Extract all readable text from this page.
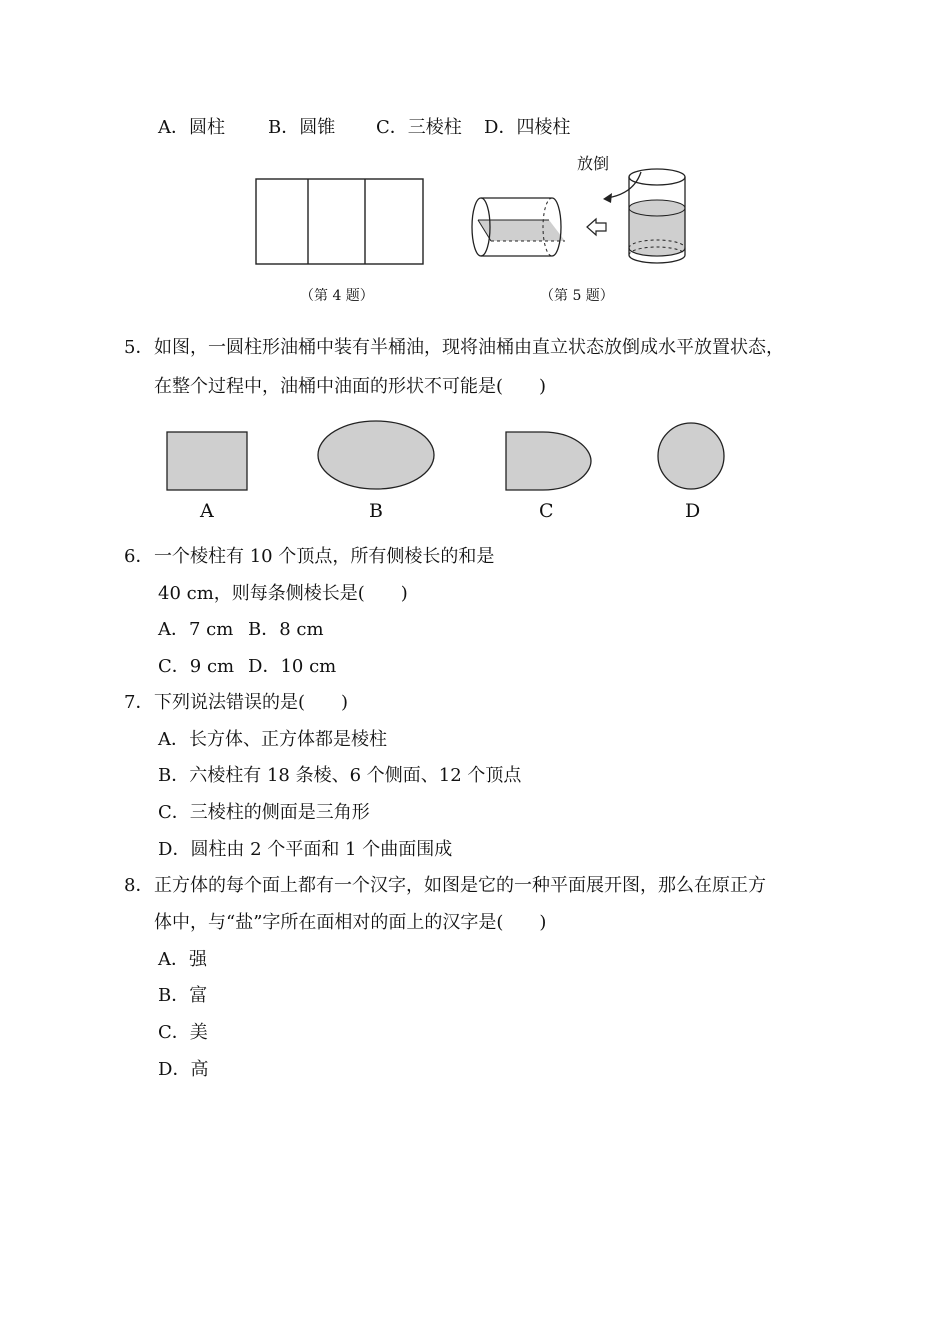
A．圆柱 B．圆锥 C．三棱柱 D．四棱柱
（第 4 题）
放倒
（第 5 题）
5． 如图，一圆柱形油桶中装有半桶油，现将油桶由直立状态放倒成水平放置状态，
在整个过程中，油桶中油面的形状不可能是(　　)
A	B	C	D
6． 一个棱柱有 10 个顶点，所有侧棱长的和是
40 cm，则每条侧棱长是(　　)
A．7 cm B．8 cm
C．9 cm D．10 cm
7． 下列说法错误的是(　　)
A．长方体、正方体都是棱柱
B．六棱柱有 18 条棱、6 个侧面、12 个顶点
C．三棱柱的侧面是三角形
D．圆柱由 2 个平面和 1 个曲面围成
8． 正方体的每个面上都有一个汉字，如图是它的一种平面展开图，那么在原正方
体中，与“盐”字所在面相对的面上的汉字是(　　)
A．强
B．富
C．美
D．高
